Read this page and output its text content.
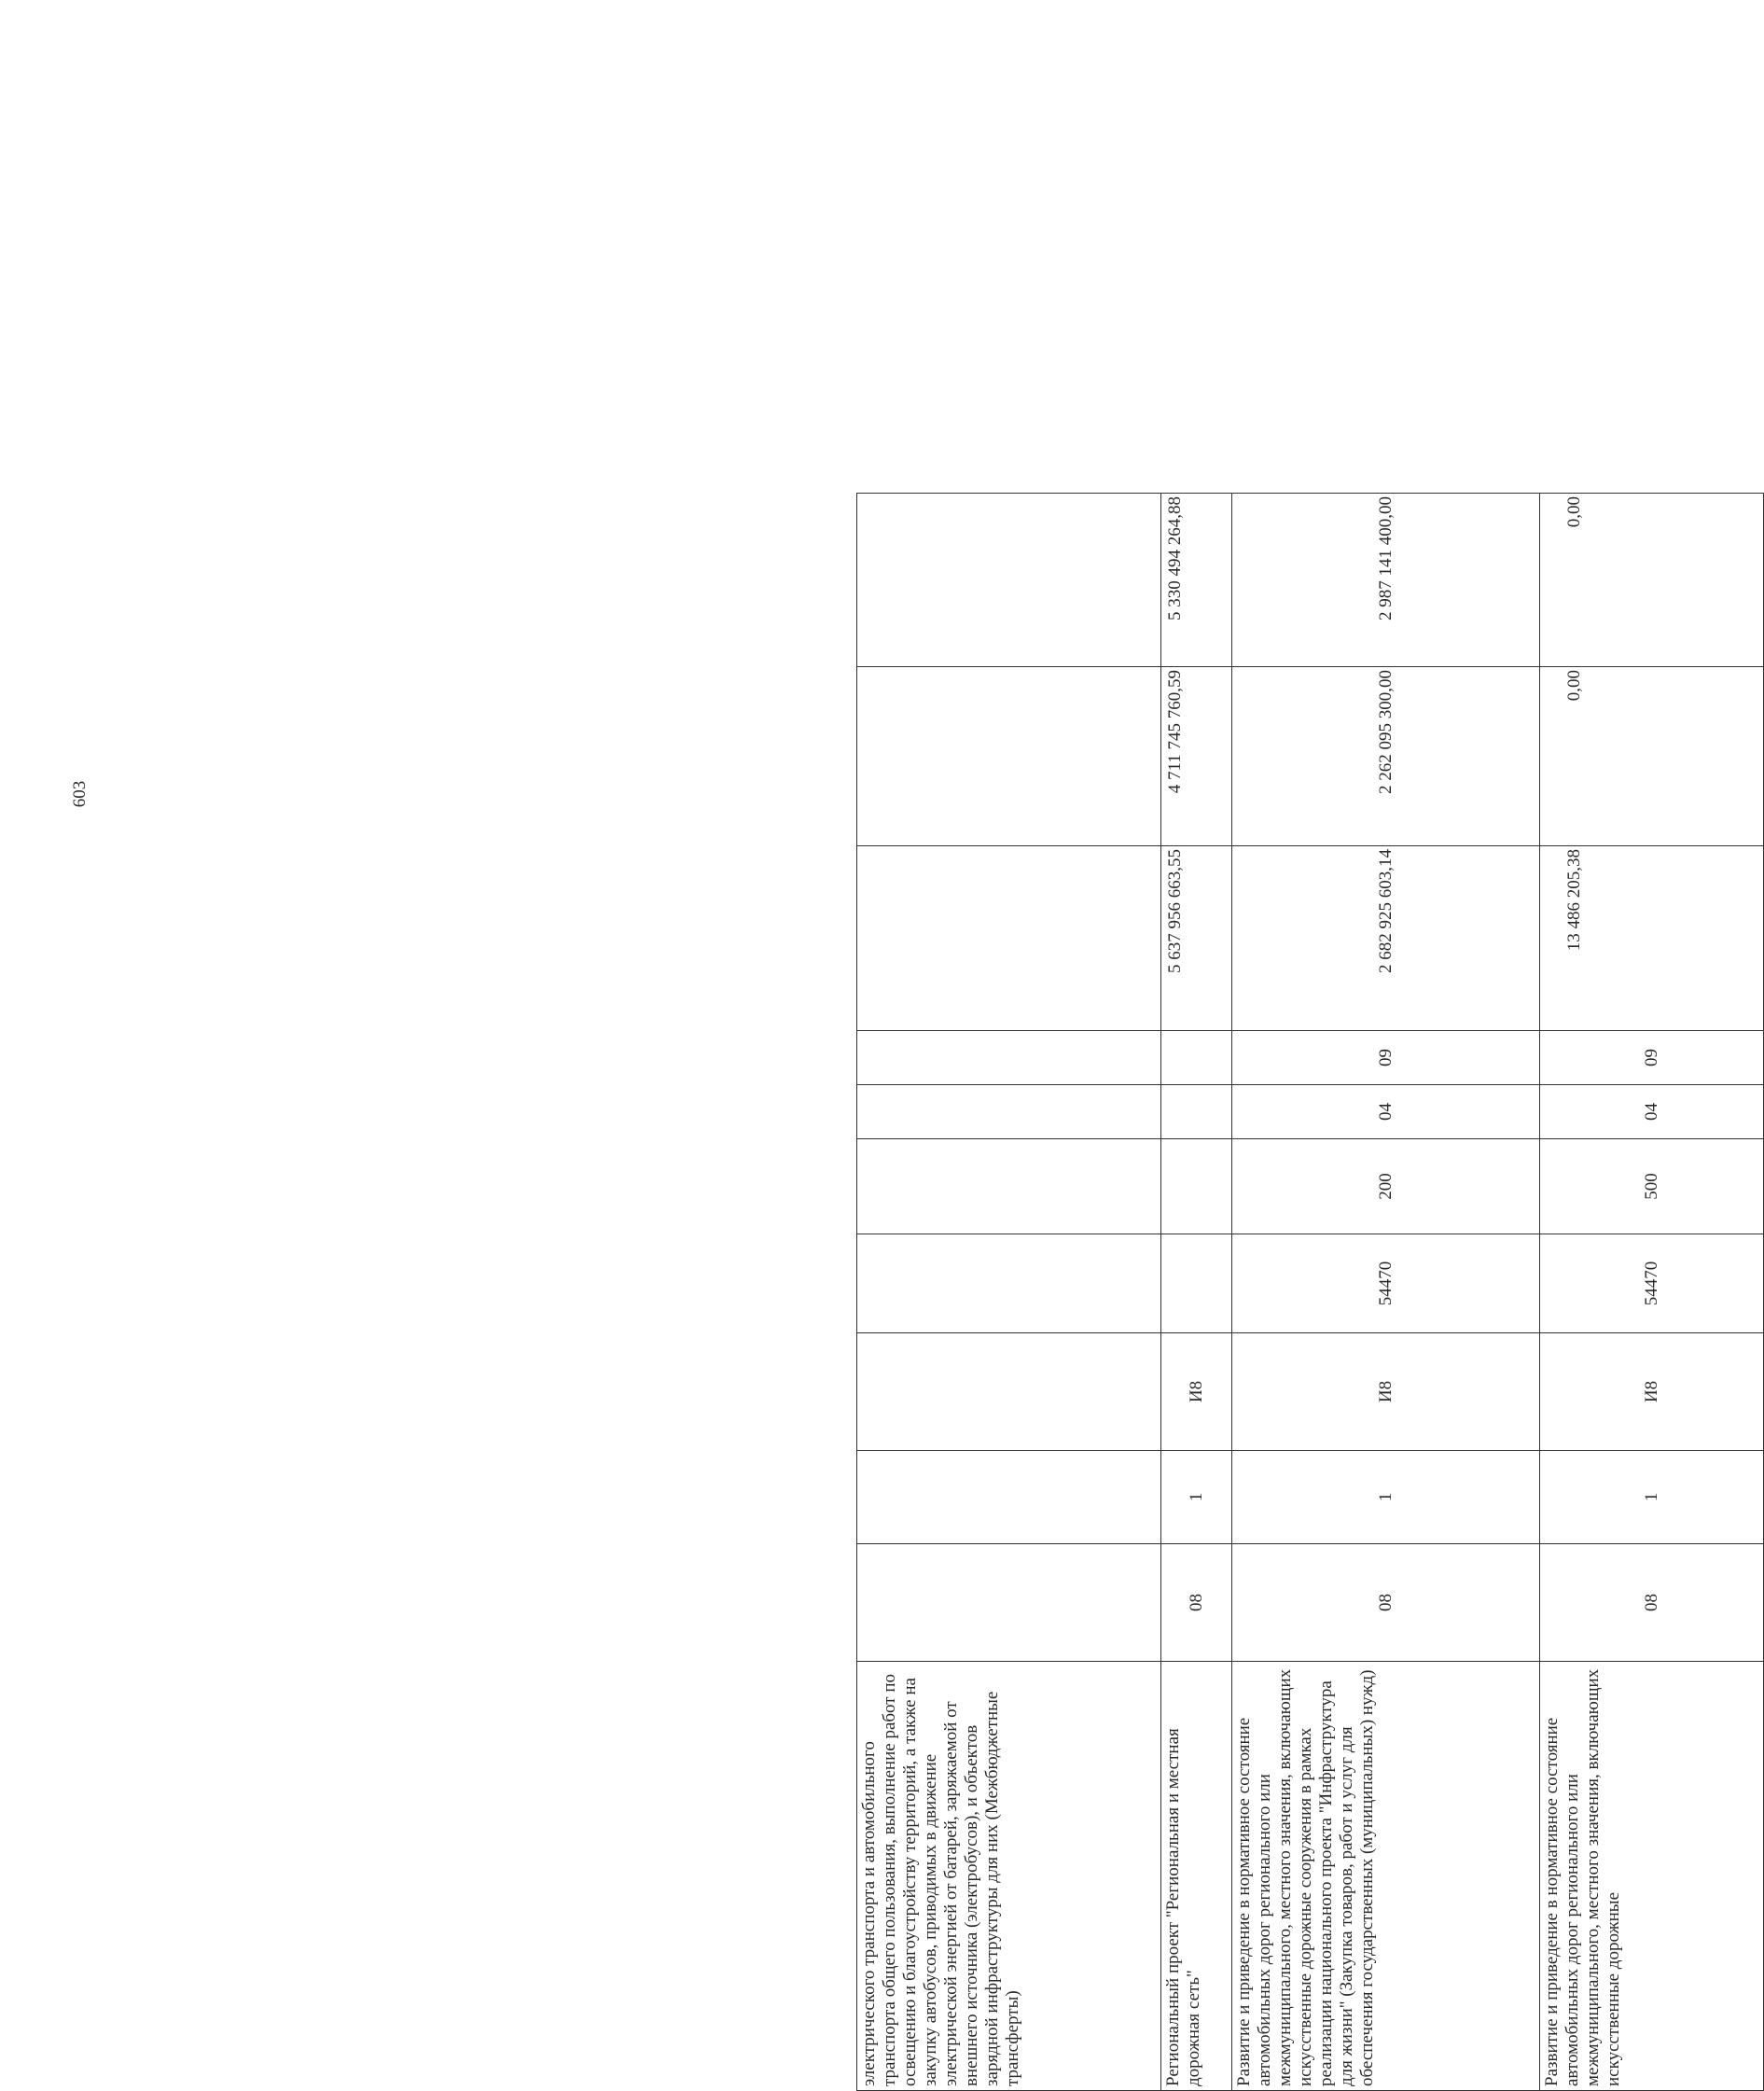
603
электрического транспорта и автомобильного транспорта общего пользования, выполнение работ по освещению и благоустройству территорий, а также на закупку автобусов, приводимых в движение электрической энергией от батарей, заряжаемой от внешнего источника (электробусов), и объектов зарядной инфраструктуры для них (Межбюджетные трансферты)										
Региональный проект "Региональная и местная дорожная сеть"	08	1	И8					5 637 956 663,55	4 711 745 760,59	5 330 494 264,88
Развитие и приведение в нормативное состояние автомобильных дорог регионального или межмуниципального, местного значения, включающих искусственные дорожные сооружения в рамках реализации национального проекта "Инфраструктура для жизни" (Закупка товаров, работ и услуг для обеспечения государственных (муниципальных) нужд)	08	1	И8	54470	200	04	09	2 682 925 603,14	2 262 095 300,00	2 987 141 400,00
Развитие и приведение в нормативное состояние автомобильных дорог регионального или межмуниципального, местного значения, включающих искусственные дорожные	08	1	И8	54470	500	04	09	13 486 205,38	0,00	0,00
